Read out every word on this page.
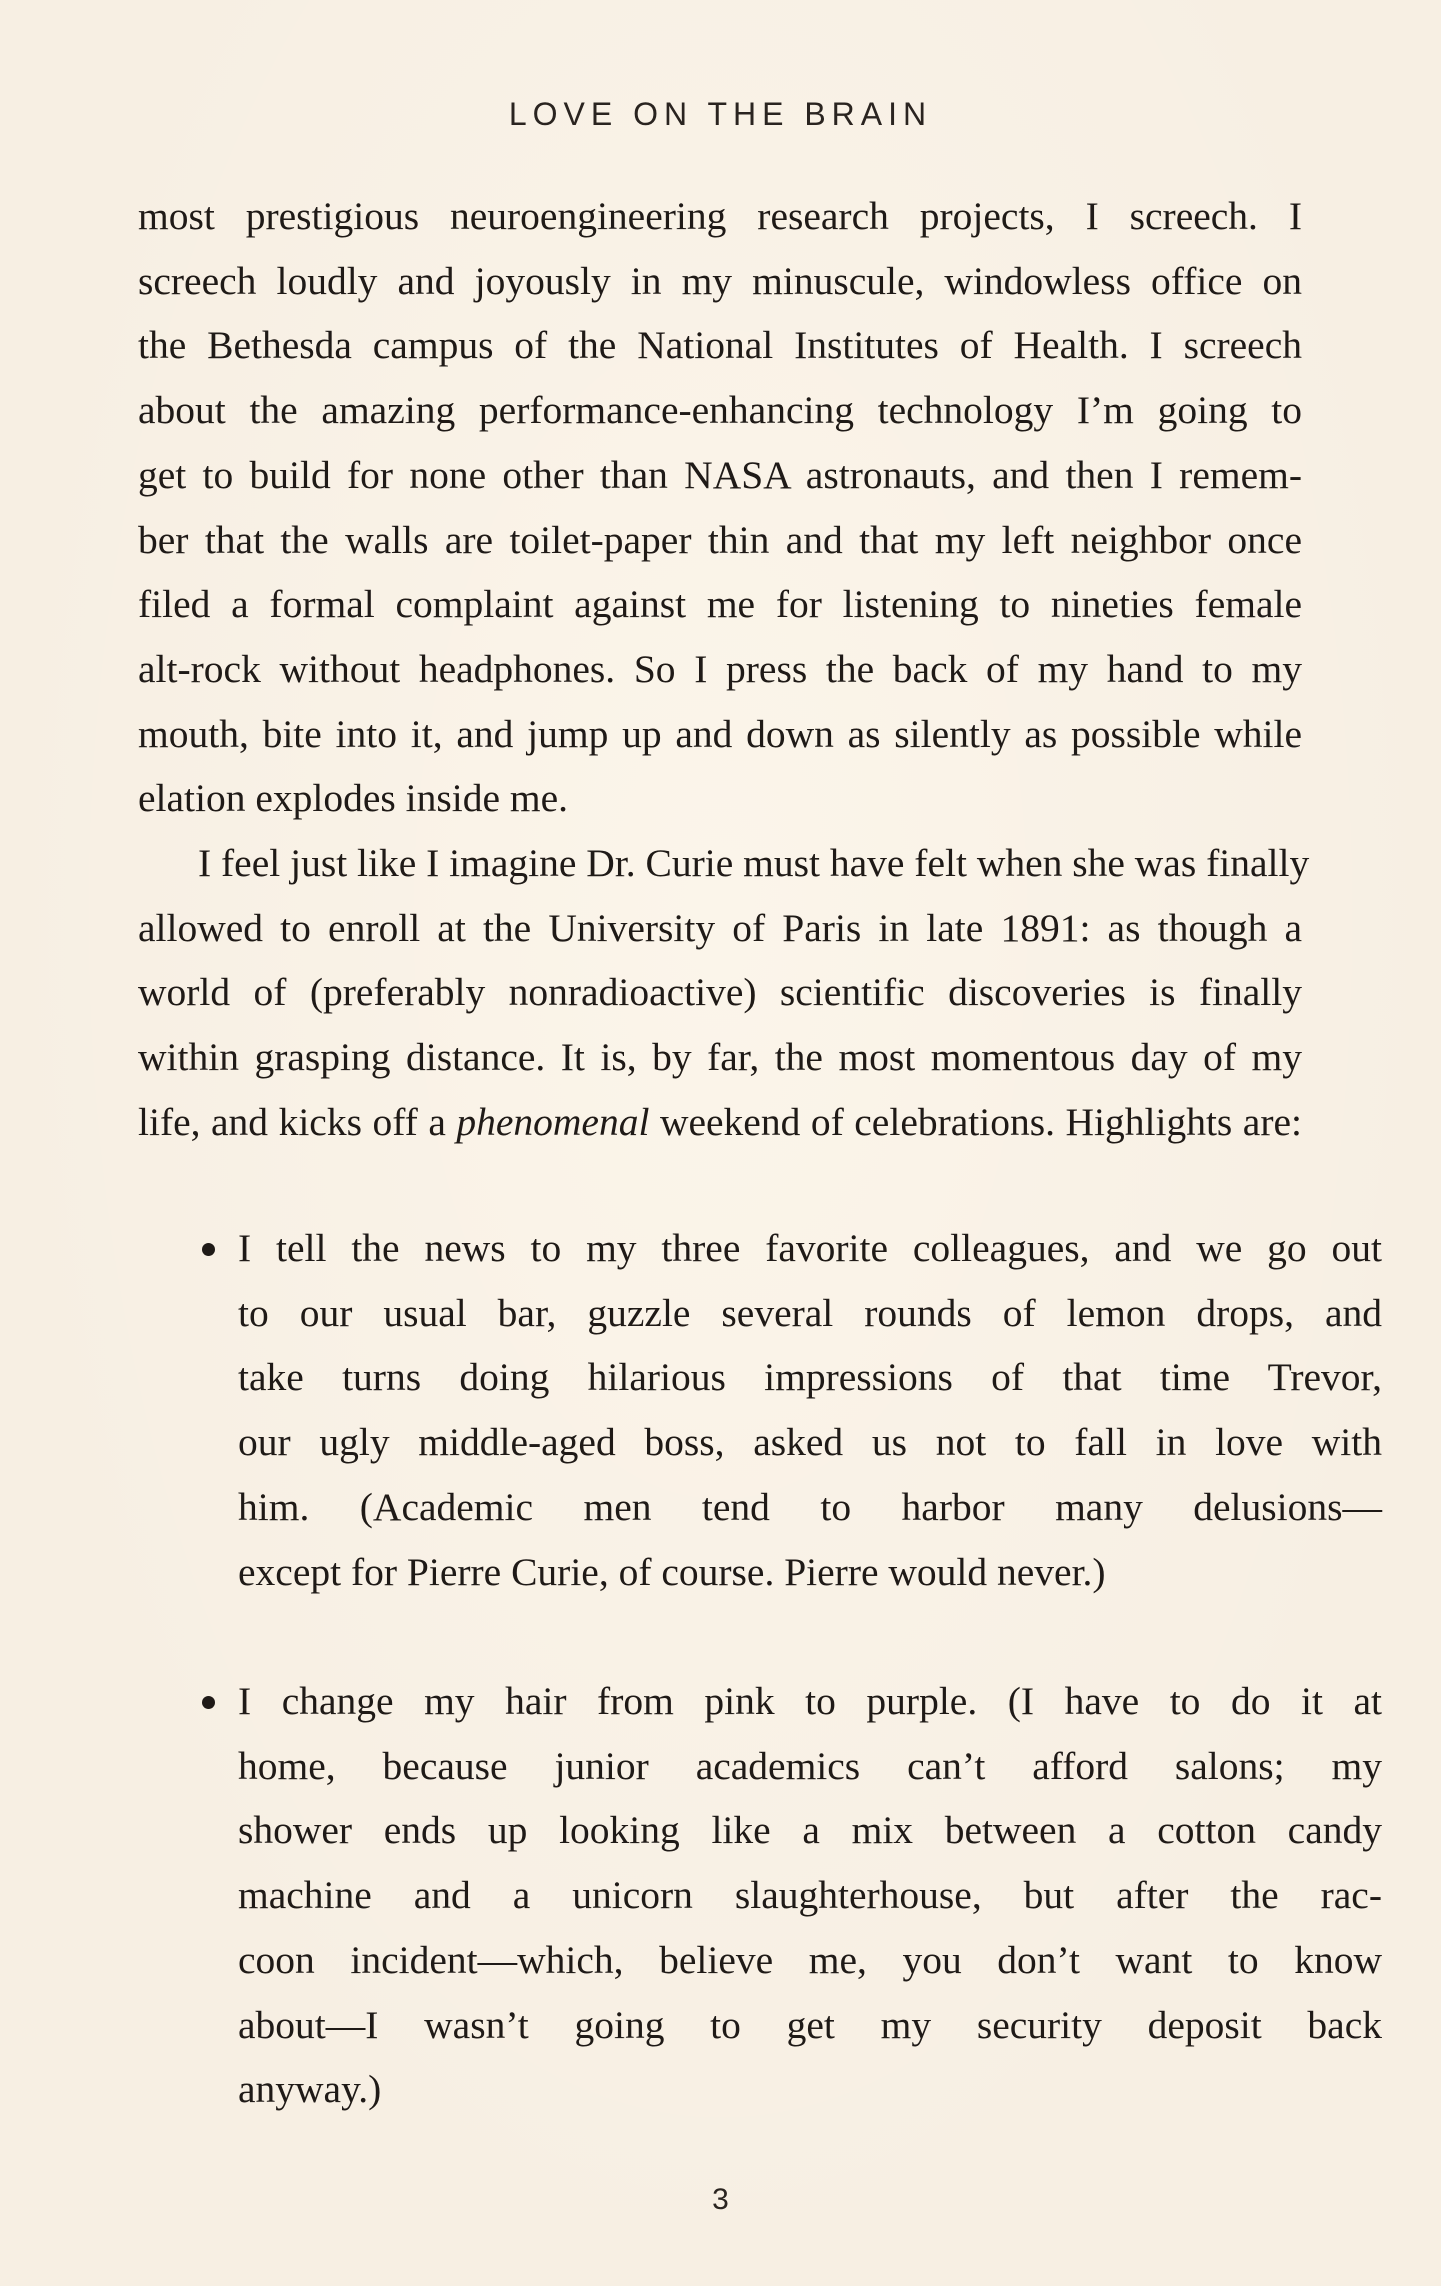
LOVE ON THE BRAIN

most prestigious neuroengineering research projects, I screech. I
screech loudly and joyously in my minuscule, windowless office on
the Bethesda campus of the National Institutes of Health. I screech
about the amazing performance-enhancing technology I’m going to
get to build for none other than NASA astronauts, and then I remem-
ber that the walls are toilet-paper thin and that my left neighbor once
filed a formal complaint against me for listening to nineties female
alt-rock without headphones. So I press the back of my hand to my
mouth, bite into it, and jump up and down as silently as possible while
elation explodes inside me.

I feel just like I imagine Dr. Curie must have felt when she was finally
allowed to enroll at the University of Paris in late 1891: as though a
world of (preferably nonradioactive) scientific discoveries is finally
within grasping distance. It is, by far, the most momentous day of my
life, and kicks off a phenomenal weekend of celebrations. Highlights are:

I tell the news to my three favorite colleagues, and we go out
to our usual bar, guzzle several rounds of lemon drops, and
take turns doing hilarious impressions of that time Trevor,
our ugly middle-aged boss, asked us not to fall in love with
him. (Academic men tend to harbor many delusions—
except for Pierre Curie, of course. Pierre would never.)
I change my hair from pink to purple. (I have to do it at
home, because junior academics can’t afford salons; my
shower ends up looking like a mix between a cotton candy
machine and a unicorn slaughterhouse, but after the rac-
coon incident—which, believe me, you don’t want to know
about—I wasn’t going to get my security deposit back
anyway.)
3
